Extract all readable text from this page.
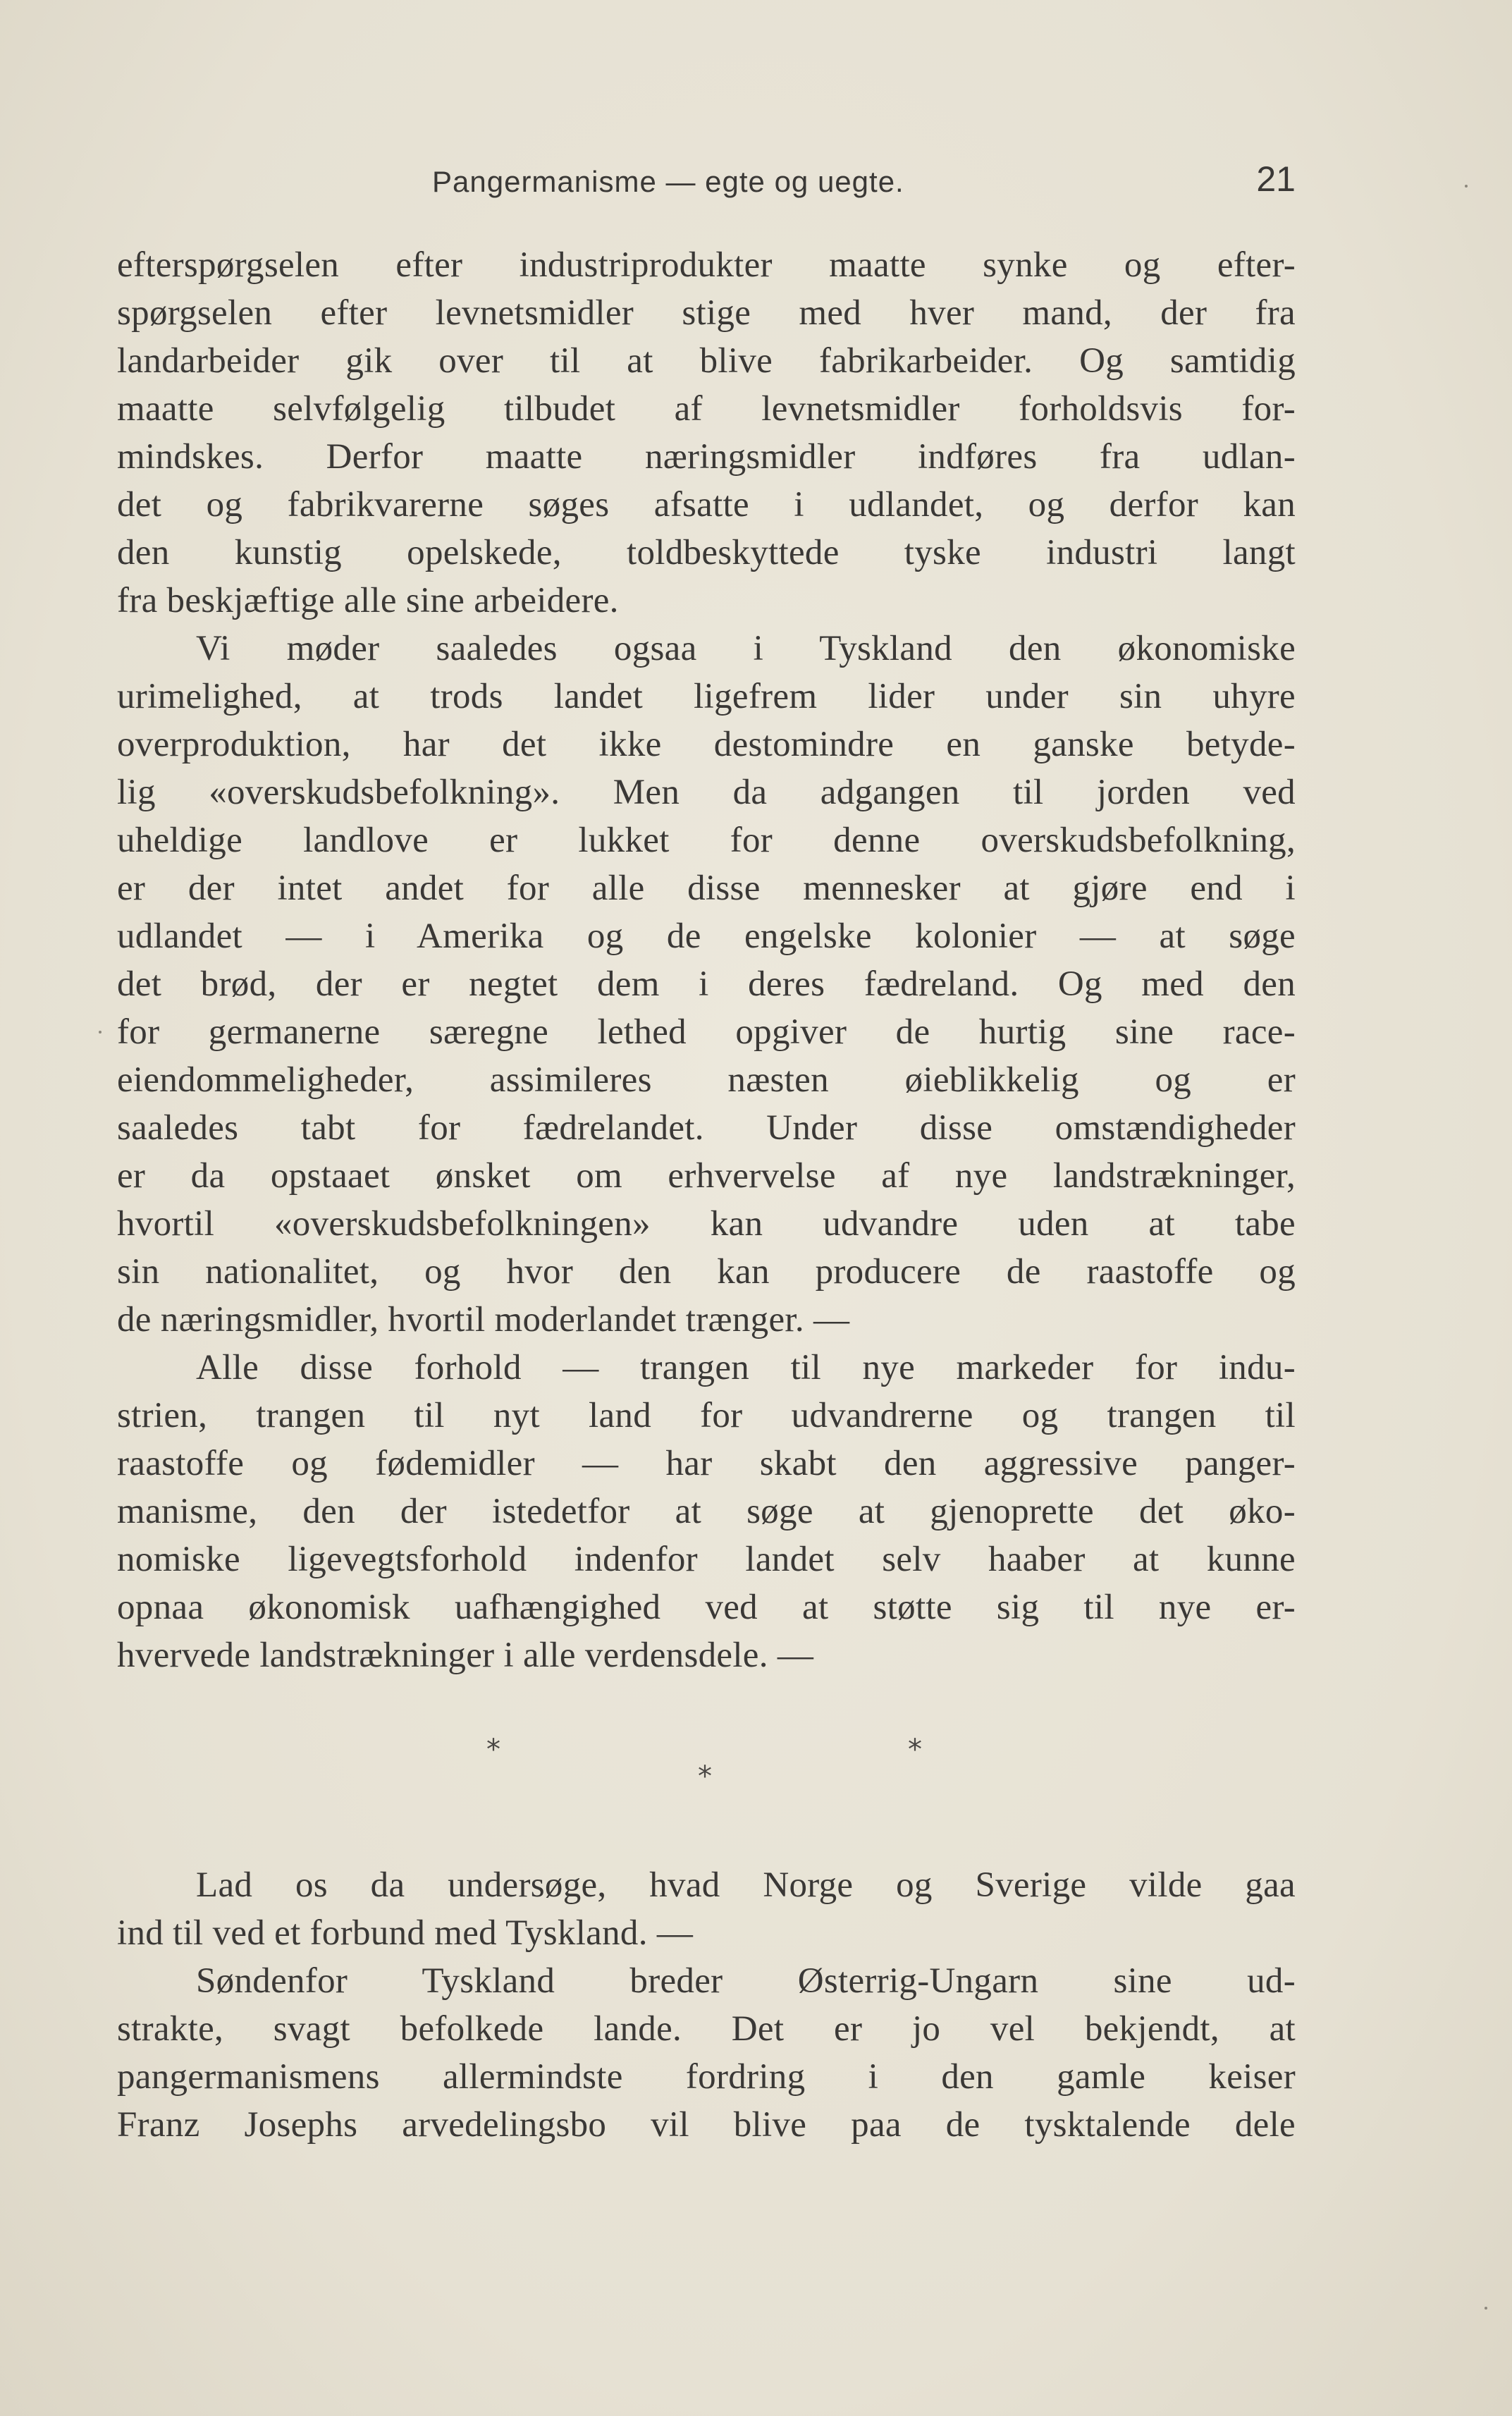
Pangermanisme — egte og uegte.	21
efterspørgselen efter industriprodukter maatte synke og efter-
spørgselen efter levnetsmidler stige med hver mand, der fra
landarbeider gik over til at blive fabrikarbeider. Og samtidig
maatte selvfølgelig tilbudet af levnetsmidler forholdsvis for-
mindskes. Derfor maatte næringsmidler indføres fra udlan-
det og fabrikvarerne søges afsatte i udlandet, og derfor kan
den kunstig opelskede, toldbeskyttede tyske industri langt
fra beskjæftige alle sine arbeidere.
Vi møder saaledes ogsaa i Tyskland den økonomiske
urimelighed, at trods landet ligefrem lider under sin uhyre
overproduktion, har det ikke destomindre en ganske betyde-
lig «overskudsbefolkning». Men da adgangen til jorden ved
uheldige landlove er lukket for denne overskudsbefolkning,
er der intet andet for alle disse mennesker at gjøre end i
udlandet — i Amerika og de engelske kolonier — at søge
det brød, der er negtet dem i deres fædreland. Og med den
for germanerne særegne lethed opgiver de hurtig sine race-
eiendommeligheder, assimileres næsten øieblikkelig og er
saaledes tabt for fædrelandet. Under disse omstændigheder
er da opstaaet ønsket om erhvervelse af nye landstrækninger,
hvortil «overskudsbefolkningen» kan udvandre uden at tabe
sin nationalitet, og hvor den kan producere de raastoffe og
de næringsmidler, hvortil moderlandet trænger. —
Alle disse forhold — trangen til nye markeder for indu-
strien, trangen til nyt land for udvandrerne og trangen til
raastoffe og fødemidler — har skabt den aggressive panger-
manisme, den der istedetfor at søge at gjenoprette det øko-
nomiske ligevegtsforhold indenfor landet selv haaber at kunne
opnaa økonomisk uafhængighed ved at støtte sig til nye er-
hvervede landstrækninger i alle verdensdele. —
*
*
*
Lad os da undersøge, hvad Norge og Sverige vilde gaa
ind til ved et forbund med Tyskland. —
Søndenfor Tyskland breder Østerrig-Ungarn sine ud-
strakte, svagt befolkede lande. Det er jo vel bekjendt, at
pangermanismens allermindste fordring i den gamle keiser
Franz Josephs arvedelingsbo vil blive paa de tysktalende dele
